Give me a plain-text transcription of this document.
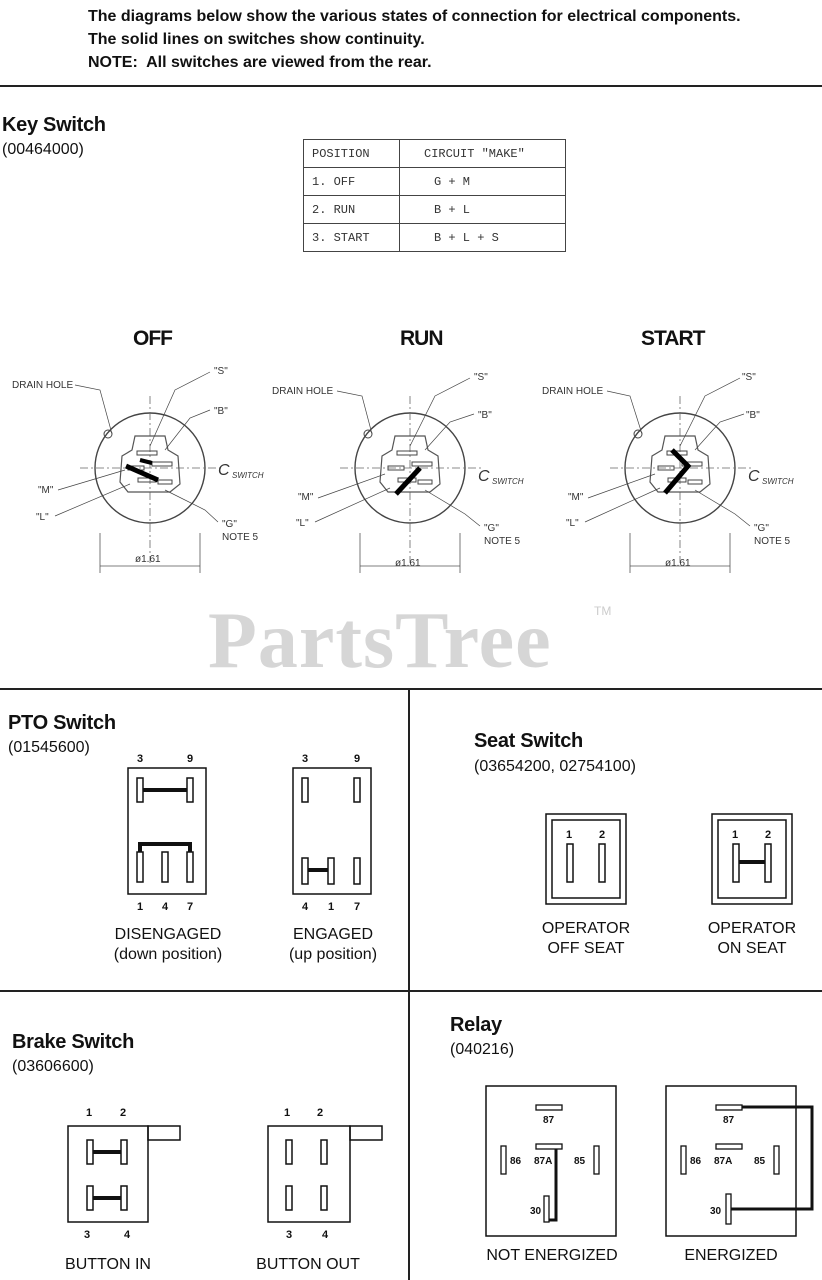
The diagrams below show the various states of connection for electrical components.
The solid lines on switches show continuity.
NOTE: All switches are viewed from the rear.
Key Switch
(00464000)	POSITION	CIRCUIT "MAKE"
1. OFF	G + M
2. RUN	B + L
3. START	B + L + S
OFF	RUN	START
DRAIN HOLE
"S"
"B"
"M"
"L"
"G"
NOTE 5
C SWITCH
ø1.61
DRAIN HOLE
"S"
"B"
"M"
"L"	"G"
NOTE 5
C SWITCH
ø1.61
DRAIN HOLE
"S"
"B"
"M"
"L"	"G"
NOTE 5
C SWITCH
ø1.61
PartsTree	TM
PTO Switch
(01545600)
3	9
1 4 7
3	9
4 1 7
DISENGAGED
(down position)
ENGAGED
(up position)
Seat Switch
(03654200, 02754100)
1 2	1 2
OPERATOR
OFF SEAT
OPERATOR
ON SEAT
Brake Switch
(03606600)
1	2
3	4
1 2
3	4
BUTTON IN	BUTTON OUT
Relay
(040216)
87
86 87A 85
30
87
86 87A 85
30
NOT ENERGIZED	ENERGIZED
